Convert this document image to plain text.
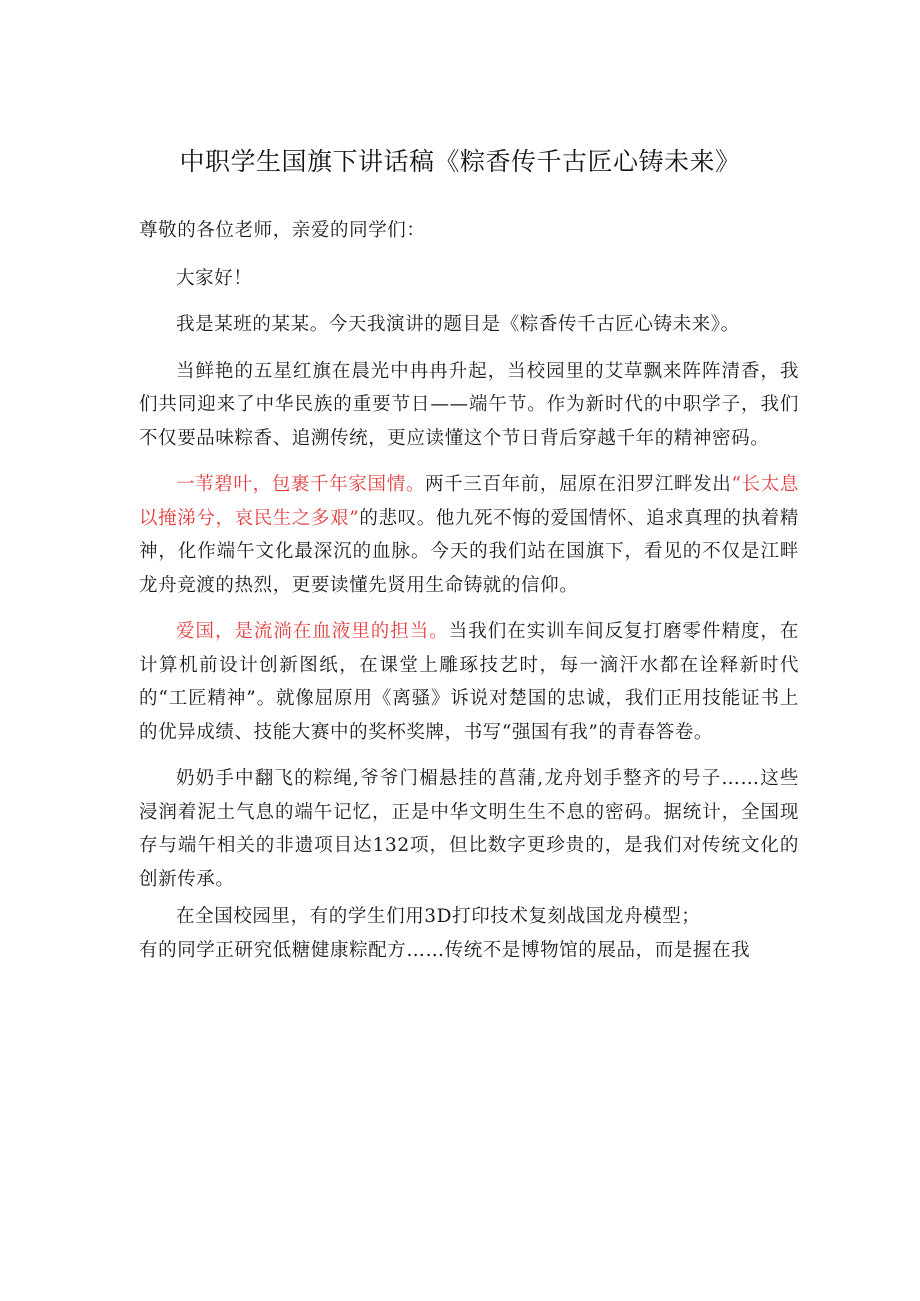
中职学生国旗下讲话稿《粽香传千古匠心铸未来》

尊敬的各位老师，亲爱的同学们：

大家好！

我是某班的某某。今天我演讲的题目是《粽香传千古匠心铸未来》。

当鲜艳的五星红旗在晨光中冉冉升起，当校园里的艾草飘来阵阵清香，我们共同迎来了中华民族的重要节日——端午节。作为新时代的中职学子，我们不仅要品味粽香、追溯传统，更应读懂这个节日背后穿越千年的精神密码。

一苇碧叶，包裹千年家国情。两千三百年前，屈原在汨罗江畔发出“长太息以掩涕兮，哀民生之多艰”的悲叹。他九死不悔的爱国情怀、追求真理的执着精神，化作端午文化最深沉的血脉。今天的我们站在国旗下，看见的不仅是江畔龙舟竞渡的热烈，更要读懂先贤用生命铸就的信仰。

爱国，是流淌在血液里的担当。当我们在实训车间反复打磨零件精度，在计算机前设计创新图纸，在课堂上雕琢技艺时，每一滴汗水都在诠释新时代的“工匠精神”。就像屈原用《离骚》诉说对楚国的忠诚，我们正用技能证书上的优异成绩、技能大赛中的奖杯奖牌，书写“强国有我”的青春答卷。

奶奶手中翻飞的粽绳,爷爷门楣悬挂的菖蒲,龙舟划手整齐的号子……这些浸润着泥土气息的端午记忆，正是中华文明生生不息的密码。据统计，全国现存与端午相关的非遗项目达132项，但比数字更珍贵的，是我们对传统文化的创新传承。

在全国校园里，有的学生们用3D打印技术复刻战国龙舟模型；

有的同学正研究低糖健康粽配方……传统不是博物馆的展品，而是握在我
